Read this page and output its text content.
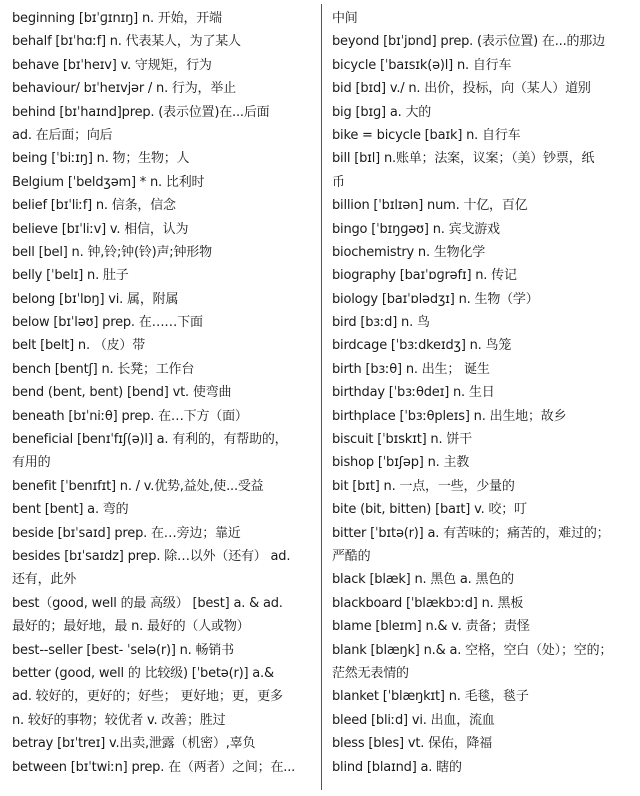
beginning [bɪˈɡɪnɪŋ] n. 开始，开端
behalf [bɪˈhɑːf] n. 代表某人，为了某人
behave [bɪˈheɪv] v. 守规矩，行为
behaviour/ bɪˈheɪvjər / n. 行为，举止
behind [bɪˈhaɪnd]prep. (表示位置)在...后面
ad. 在后面；向后
being [ˈbiːɪŋ] n. 物；生物；人
Belgium [ˈbeldʒəm] * n. 比利时
belief [bɪˈliːf] n. 信条，信念
believe [bɪˈliːv] v. 相信，认为
bell [bel] n. 钟,铃;钟(铃)声;钟形物
belly [ˈbelɪ] n. 肚子
belong [bɪˈlɒŋ] vi. 属，附属
below [bɪˈləʊ] prep. 在……下面
belt [belt] n. （皮）带
bench [bentʃ] n. 长凳；工作台
bend (bent, bent) [bend] vt. 使弯曲
beneath [bɪˈniːθ] prep. 在…下方（面）
beneficial [benɪˈfɪʃ(ə)l] a. 有利的，有帮助的，
有用的
benefit [ˈbenɪfɪt] n. / v.优势,益处,使...受益
bent [bent] a. 弯的
beside [bɪˈsaɪd] prep. 在…旁边；靠近
besides [bɪˈsaɪdz] prep. 除…以外（还有） ad.
还有，此外
best（good, well 的最 高级） [best] a. & ad.
最好的；最好地，最 n. 最好的（人或物）
best--seller [best- ˈselə(r)] n. 畅销书
better (good, well 的 比较级) [ˈbetə(r)] a.&
ad. 较好的，更好的；好些； 更好地；更，更多
n. 较好的事物；较优者 v. 改善；胜过
betray [bɪˈtreɪ] v.出卖,泄露（机密）,辜负
between [bɪˈtwiːn] prep. 在（两者）之间；在...
中间
beyond [bɪˈjɒnd] prep. (表示位置) 在...的那边
bicycle [ˈbaɪsɪk(ə)l] n. 自行车
bid [bɪd] v./ n. 出价，投标，向（某人）道别
big [bɪɡ] a. 大的
bike = bicycle [baɪk] n. 自行车
bill [bɪl] n.账单；法案，议案；（美）钞票，纸
币
billion [ˈbɪlɪən] num. 十亿，百亿
bingo [ˈbɪŋɡəʊ] n. 宾戈游戏
biochemistry n. 生物化学
biography [baɪˈɒɡrəfɪ] n. 传记
biology [baɪˈɒlədʒɪ] n. 生物（学）
bird [bɜːd] n. 鸟
birdcage [ˈbɜːdkeɪdʒ] n. 鸟笼
birth [bɜːθ] n. 出生； 诞生
birthday [ˈbɜːθdeɪ] n. 生日
birthplace [ˈbɜːθpleɪs] n. 出生地；故乡
biscuit [ˈbɪskɪt] n. 饼干
bishop [ˈbɪʃəp] n. 主教
bit [bɪt] n. 一点，一些，少量的
bite (bit, bitten) [baɪt] v. 咬；叮
bitter [ˈbɪtə(r)] a. 有苦味的；痛苦的，难过的；
严酷的
black [blæk] n. 黑色 a. 黑色的
blackboard [ˈblækbɔːd] n. 黑板
blame [bleɪm] n.& v. 责备；责怪
blank [blæŋk] n.& a. 空格，空白（处）；空的；
茫然无表情的
blanket [ˈblæŋkɪt] n. 毛毯，毯子
bleed [bliːd] vi. 出血，流血
bless [bles] vt. 保佑，降福
blind [blaɪnd] a. 瞎的
